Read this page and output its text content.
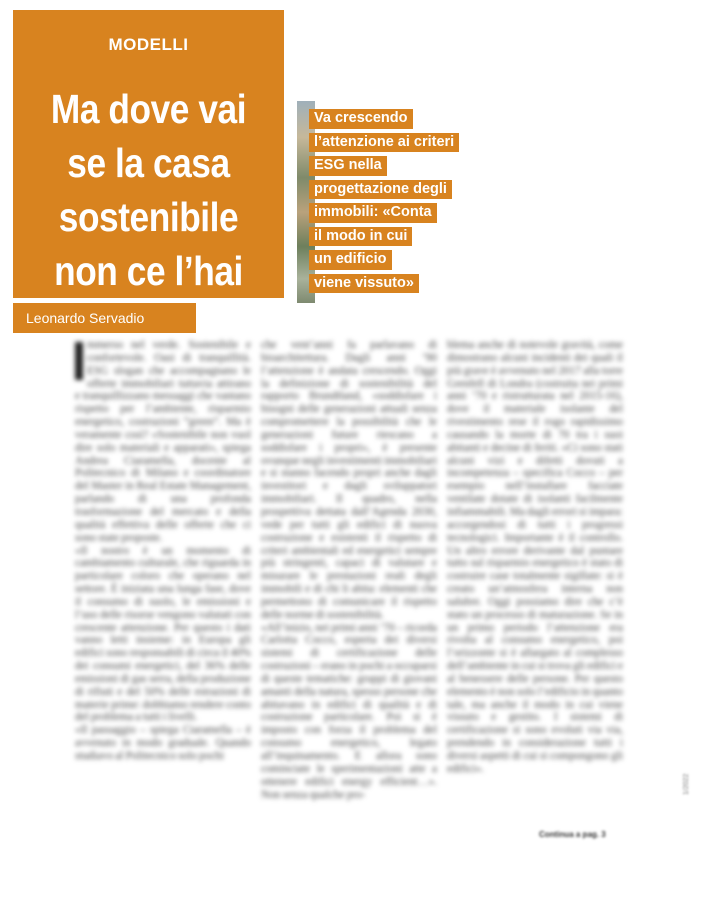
MODELLI
Ma dove vai
se la casa
sostenibile
non ce l’hai
Leonardo Servadio
Va crescendo
l’attenzione ai criteri
ESG nella
progettazione degli
immobili: «Conta
il modo in cui
un edificio
viene vissuto»

mmerso nel verde. Sostenibile e confortevole. Oasi di tranquillità. ESG slogan che accompagnano le offerte immobiliari tuttavia attirano e tranquillizzano messaggi che vantano rispetto per l’ambiente, risparmio energetico, costruzioni “green”. Ma è veramente così? «Sostenibile non vuol dire solo materiali e apparati», spiega Andrea Ciaramella, docente al Politecnico di Milano e coordinatore del Master in Real Estate Management, parlando di una profonda trasformazione del mercato e della qualità effettiva delle offerte che ci sono state proposte.

«Il nostro è un momento di cambiamento culturale, che riguarda in particolare coloro che operano nel settore. È iniziata una lunga fase, dove il consumo di suolo, le emissioni e l’uso delle risorse vengono valutati con crescente attenzione. Per questo i dati vanno letti insieme: in Europa gli edifici sono responsabili di circa il 40% dei consumi energetici, del 36% delle emissioni di gas serra, della produzione di rifiuti e del 50% delle estrazioni di materie prime: dobbiamo rendere conto del problema a tutti i livelli.

«Il passaggio – spiega Ciaramella – è avvenuto in modo graduale. Quando studiavo al Politecnico solo pochi

che vent’anni fa parlavano di bioarchitettura. Dagli anni ’90 l’attenzione è andata crescendo. Oggi la definizione di sostenibilità del rapporto Brundtland, «soddisfare i bisogni delle generazioni attuali senza compromettere la possibilità che le generazioni future riescano a soddisfare i propri», è presente ovunque negli investimenti immobiliari e si stanno facendo propri anche dagli investitori e dagli sviluppatori immobiliari. Il quadro, nella prospettiva dettata dall’Agenda 2030, vede per tutti gli edifici di nuova costruzione e esistenti il rispetto di criteri ambientali ed energetici sempre più stringenti, capaci di valutare e misurare le prestazioni reali degli immobili e di chi li abita: elementi che permettono di comunicare il rispetto delle norme di sostenibilità.

«All’inizio, nei primi anni ’70 – ricorda Carlotta Cocco, esperta dei diversi sistemi di certificazione delle costruzioni – erano in pochi a occuparsi di queste tematiche: gruppi di giovani amanti della natura, spesso persone che abitavano in edifici di qualità e di costruzione particolare. Poi si è imposto con forza il problema del consumo energetico, legato all’inquinamento. E allora sono cominciate le sperimentazioni atte a ottenere edifici energy efficient…». Non senza qualche pro-

blema anche di notevole gravità, come dimostrano alcuni incidenti dei quali il più grave è avvenuto nel 2017 alla torre Grenfell di Londra (costruita nei primi anni ’70 e ristrutturata nel 2015-16), dove il materiale isolante del rivestimento rese il rogo rapidissimo causando la morte di 70 tra i suoi abitanti e decine di feriti. «Ci sono stati alcuni vizi e difetti dovuti a incompetenza – specifica Cocco – per esempio nell’installare facciate ventilate dotate di isolanti facilmente infiammabili. Ma dagli errori si impara: accorgendosi di tutti i progressi tecnologici. Importante è il controllo. Un altro errore derivante dal puntare tutto sul risparmio energetico è stato di costruire case totalmente sigillate: si è creato un’atmosfera interna non salubre. Oggi possiamo dire che c’è stato un processo di maturazione. Se in un primo periodo l’attenzione era rivolta al consumo energetico, poi l’orizzonte si è allargato al complesso dell’ambiente in cui si trova gli edifici e al benessere delle persone. Per questo elemento è non solo l’edificio in quanto tale, ma anche il modo in cui viene vissuto e gestito. I sistemi di certificazione si sono evoluti via via, prendendo in considerazione tutti i diversi aspetti di cui si compongono gli edifici».

Continua a pag. 3
1/2022
